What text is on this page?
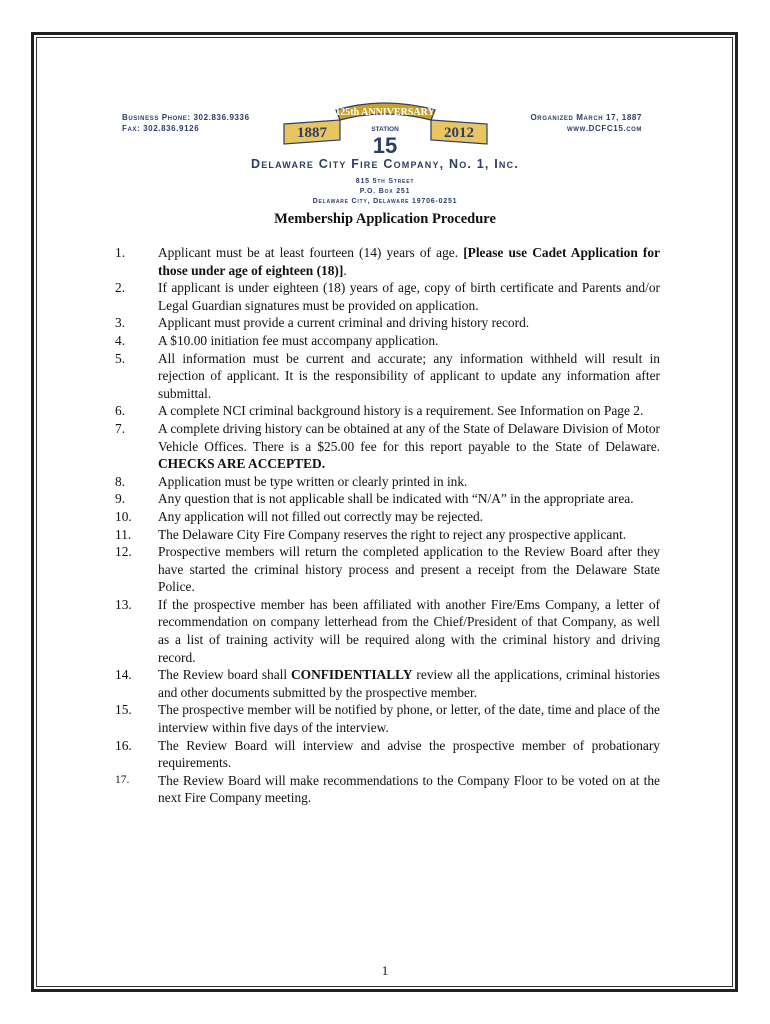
Business Phone: 302.836.9336
Fax: 302.836.9126
Organized March 17, 1887
www.DCFC15.com
1887	2012
125th ANNIVERSARY
STATION
15
Delaware City Fire Company, No. 1, Inc.
815 5th Street
P.O. Box 251
Delaware City, Delaware 19706-0251
Membership Application Procedure
1. Applicant must be at least fourteen (14) years of age. [Please use Cadet Application for those under age of eighteen (18)].
2. If applicant is under eighteen (18) years of age, copy of birth certificate and Parents and/or Legal Guardian signatures must be provided on application.
3. Applicant must provide a current criminal and driving history record.
4. A $10.00 initiation fee must accompany application.
5. All information must be current and accurate; any information withheld will result in rejection of applicant. It is the responsibility of applicant to update any information after submittal.
6. A complete NCI criminal background history is a requirement. See Information on Page 2.
7. A complete driving history can be obtained at any of the State of Delaware Division of Motor Vehicle Offices. There is a $25.00 fee for this report payable to the State of Delaware. CHECKS ARE ACCEPTED.
8. Application must be type written or clearly printed in ink.
9. Any question that is not applicable shall be indicated with “N/A” in the appropriate area.
10. Any application will not filled out correctly may be rejected.
11. The Delaware City Fire Company reserves the right to reject any prospective applicant.
12. Prospective members will return the completed application to the Review Board after they have started the criminal history process and present a receipt from the Delaware State Police.
13. If the prospective member has been affiliated with another Fire/Ems Company, a letter of recommendation on company letterhead from the Chief/President of that Company, as well as a list of training activity will be required along with the criminal history and driving record.
14. The Review board shall CONFIDENTIALLY review all the applications, criminal histories and other documents submitted by the prospective member.
15. The prospective member will be notified by phone, or letter, of the date, time and place of the interview within five days of the interview.
16. The Review Board will interview and advise the prospective member of probationary requirements.
17. The Review Board will make recommendations to the Company Floor to be voted on at the next Fire Company meeting.
1
